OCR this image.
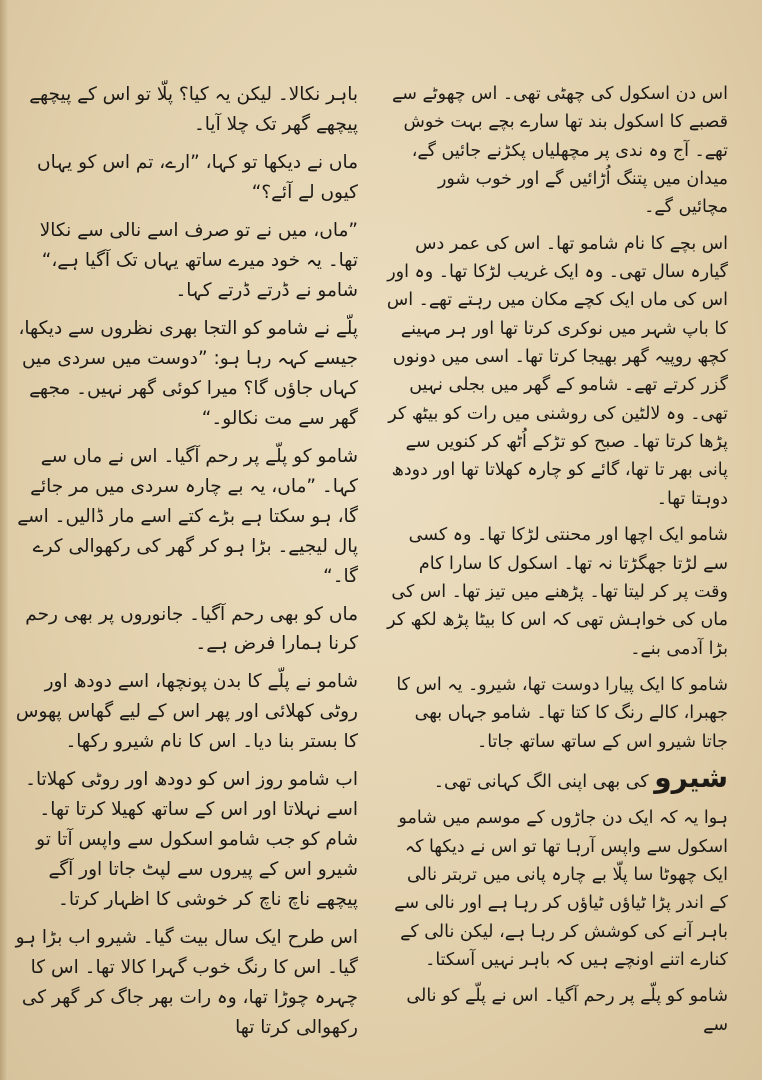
اس دن اسکول کی چھٹی تھی۔ اس چھوٹے سے قصبے کا اسکول بند تھا سارے بچے بہت خوش تھے۔ آج وہ ندی پر مچھلیاں پکڑنے جائیں گے، میدان میں پتنگ اُڑائیں گے اور خوب شور مچائیں گے۔

اس بچے کا نام شامو تھا۔ اس کی عمر دس گیارہ سال تھی۔ وہ ایک غریب لڑکا تھا۔ وہ اور اس کی ماں ایک کچے مکان میں رہتے تھے۔ اس کا باپ شہر میں نوکری کرتا تھا اور ہر مہینے کچھ روپیہ گھر بھیجا کرتا تھا۔ اسی میں دونوں گزر کرتے تھے۔ شامو کے گھر میں بجلی نہیں تھی۔ وہ لالٹین کی روشنی میں رات کو بیٹھ کر پڑھا کرتا تھا۔ صبح کو تڑکے اُٹھ کر کنویں سے پانی بھر تا تھا، گائے کو چارہ کھلاتا تھا اور دودھ دوہتا تھا۔

شامو ایک اچھا اور محنتی لڑکا تھا۔ وہ کسی سے لڑتا جھگڑتا نہ تھا۔ اسکول کا سارا کام وقت پر کر لیتا تھا۔ پڑھنے میں تیز تھا۔ اس کی ماں کی خواہش تھی کہ اس کا بیٹا پڑھ لکھ کر بڑا آدمی بنے۔

شامو کا ایک پیارا دوست تھا، شیرو۔ یہ اس کا جھبرا، کالے رنگ کا کتا تھا۔ شامو جہاں بھی جاتا شیرو اس کے ساتھ ساتھ جاتا۔

شیرو کی بھی اپنی الگ کہانی تھی۔

ہوا یہ کہ ایک دن جاڑوں کے موسم میں شامو اسکول سے واپس آرہا تھا تو اس نے دیکھا کہ ایک چھوٹا سا پلّا بے چارہ پانی میں تربتر نالی کے اندر پڑا ٹیاؤں ٹیاؤں کر رہا ہے اور نالی سے باہر آنے کی کوشش کر رہا ہے، لیکن نالی کے کنارے اتنے اونچے ہیں کہ باہر نہیں آسکتا۔

شامو کو پلّے پر رحم آگیا۔ اس نے پلّے کو نالی سے

باہر نکالا۔ لیکن یہ کیا؟ پلّا تو اس کے پیچھے پیچھے گھر تک چلا آیا۔

ماں نے دیکھا تو کہا، ”ارے، تم اس کو یہاں کیوں لے آئے؟“

”ماں، میں نے تو صرف اسے نالی سے نکالا تھا۔ یہ خود میرے ساتھ یہاں تک آگیا ہے،“ شامو نے ڈرتے ڈرتے کہا۔

پلّے نے شامو کو التجا بھری نظروں سے دیکھا، جیسے کہہ رہا ہو: ”دوست میں سردی میں کہاں جاؤں گا؟ میرا کوئی گھر نہیں۔ مجھے گھر سے مت نکالو۔“

شامو کو پلّے پر رحم آگیا۔ اس نے ماں سے کہا۔ ”ماں، یہ بے چارہ سردی میں مر جائے گا، ہو سکتا ہے بڑے کتے اسے مار ڈالیں۔ اسے پال لیجیے۔ بڑا ہو کر گھر کی رکھوالی کرے گا۔“

ماں کو بھی رحم آگیا۔ جانوروں پر بھی رحم کرنا ہمارا فرض ہے۔

شامو نے پلّے کا بدن پونچھا، اسے دودھ اور روٹی کھلائی اور پھر اس کے لیے گھاس پھوس کا بستر بنا دیا۔ اس کا نام شیرو رکھا۔

اب شامو روز اس کو دودھ اور روٹی کھلاتا۔ اسے نہلاتا اور اس کے ساتھ کھیلا کرتا تھا۔ شام کو جب شامو اسکول سے واپس آتا تو شیرو اس کے پیروں سے لپٹ جاتا اور آگے پیچھے ناچ ناچ کر خوشی کا اظہار کرتا۔

اس طرح ایک سال بیت گیا۔ شیرو اب بڑا ہو گیا۔ اس کا رنگ خوب گہرا کالا تھا۔ اس کا چہرہ چوڑا تھا، وہ رات بھر جاگ کر گھر کی رکھوالی کرتا تھا
